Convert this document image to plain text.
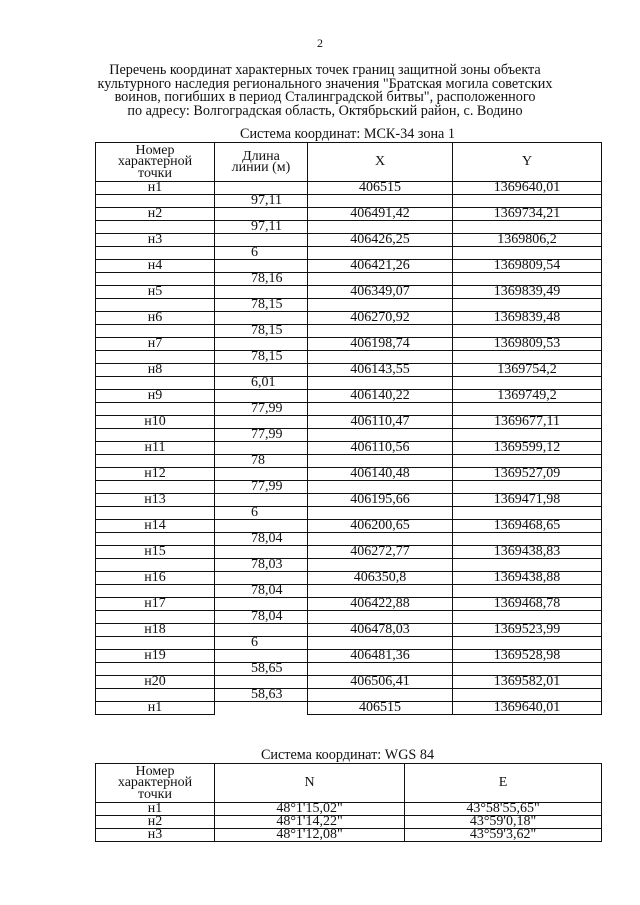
2
Перечень координат характерных точек границ защитной зоны объекта
культурного наследия регионального значения "Братская могила советских
воинов, погибших в период Сталинградской битвы", расположенного
по адресу: Волгоградская область, Октябрьский район, с. Водино
Система координат: МСК-34 зона 1
Номер
характерной
точки	Длина
линии (м)	X	Y
н1		406515	1369640,01
	97,11		
н2		406491,42	1369734,21
	97,11		
н3		406426,25	1369806,2
	6		
н4		406421,26	1369809,54
	78,16		
н5		406349,07	1369839,49
	78,15		
н6		406270,92	1369839,48
	78,15		
н7		406198,74	1369809,53
	78,15		
н8		406143,55	1369754,2
	6,01		
н9		406140,22	1369749,2
	77,99		
н10		406110,47	1369677,11
	77,99		
н11		406110,56	1369599,12
	78		
н12		406140,48	1369527,09
	77,99		
н13		406195,66	1369471,98
	6		
н14		406200,65	1369468,65
	78,04		
н15		406272,77	1369438,83
	78,03		
н16		406350,8	1369438,88
	78,04		
н17		406422,88	1369468,78
	78,04		
н18		406478,03	1369523,99
	6		
н19		406481,36	1369528,98
	58,65		
н20		406506,41	1369582,01
	58,63		
н1		406515	1369640,01
Система координат: WGS 84
Номер
характерной
точки	N	E
н1	48°1'15,02"	43°58'55,65"
н2	48°1'14,22"	43°59'0,18"
н3	48°1'12,08"	43°59'3,62"
